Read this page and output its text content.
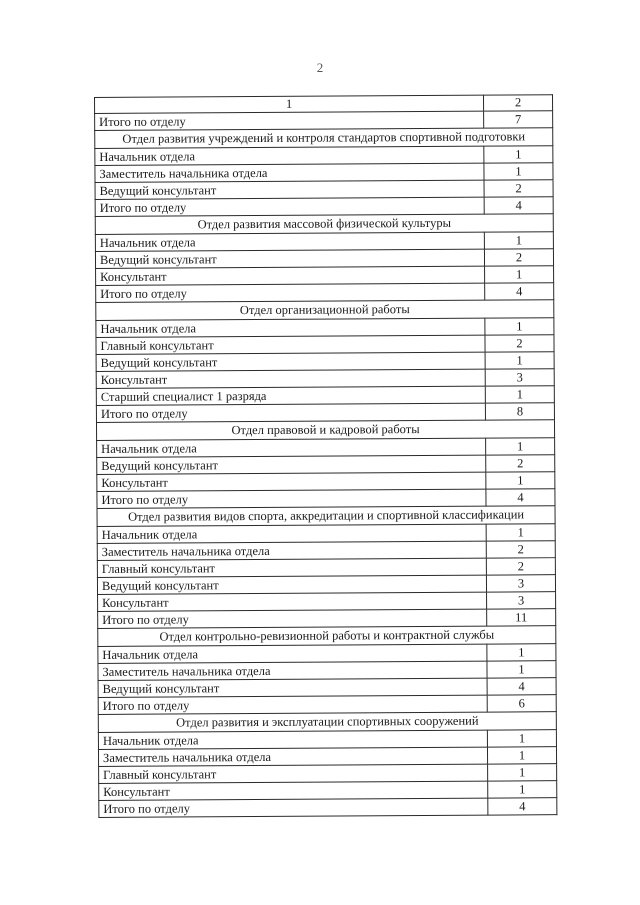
2
1	2
Итого по отделу	7
Отдел развития учреждений и контроля стандартов спортивной подготовки	
Начальник отдела	1
Заместитель начальника отдела	1
Ведущий консультант	2
Итого по отделу	4
Отдел развития массовой физической культуры	
Начальник отдела	1
Ведущий консультант	2
Консультант	1
Итого по отделу	4
Отдел организационной работы	
Начальник отдела	1
Главный консультант	2
Ведущий консультант	1
Консультант	3
Старший специалист 1 разряда	1
Итого по отделу	8
Отдел правовой и кадровой работы	
Начальник отдела	1
Ведущий консультант	2
Консультант	1
Итого по отделу	4
Отдел развития видов спорта, аккредитации и спортивной классификации	
Начальник отдела	1
Заместитель начальника отдела	2
Главный консультант	2
Ведущий консультант	3
Консультант	3
Итого по отделу	11
Отдел контрольно-ревизионной работы и контрактной службы	
Начальник отдела	1
Заместитель начальника отдела	1
Ведущий консультант	4
Итого по отделу	6
Отдел развития и эксплуатации спортивных сооружений	
Начальник отдела	1
Заместитель начальника отдела	1
Главный консультант	1
Консультант	1
Итого по отделу	4
